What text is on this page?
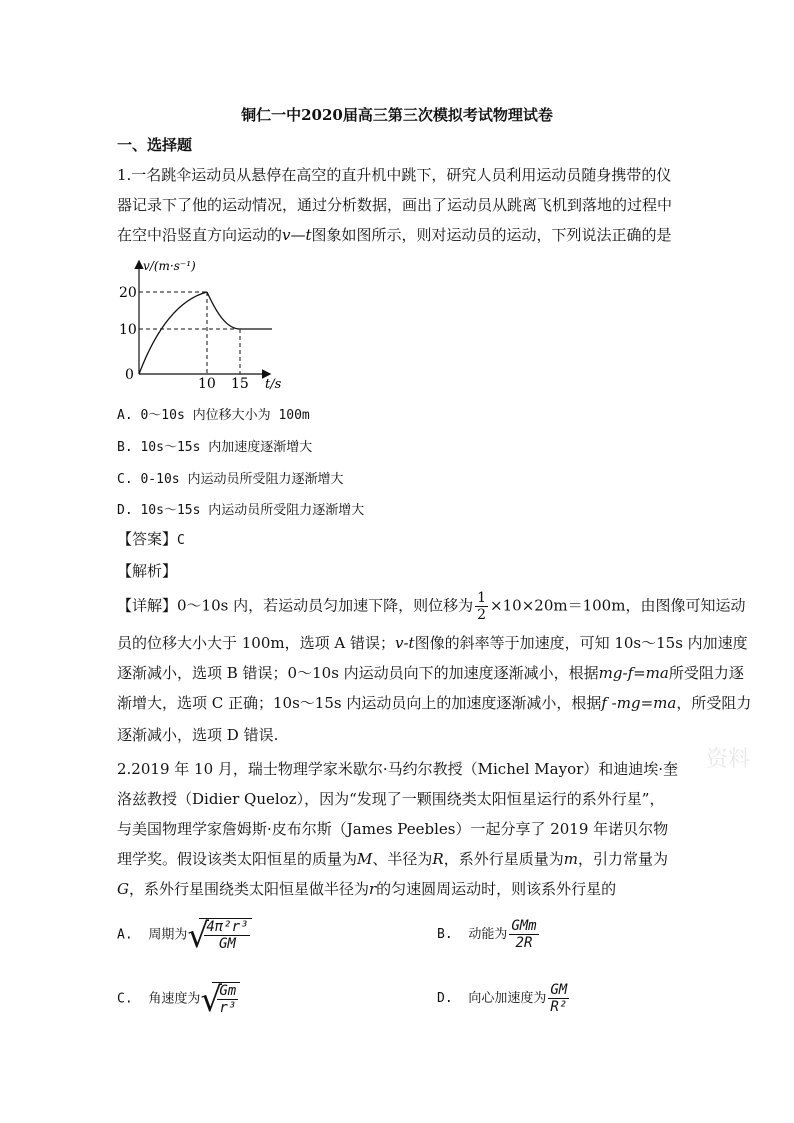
铜仁一中2020届高三第三次模拟考试物理试卷
一、选择题
1.一名跳伞运动员从悬停在高空的直升机中跳下，研究人员利用运动员随身携带的仪器记录下了他的运动情况，通过分析数据，画出了运动员从跳离飞机到落地的过程中在空中沿竖直方向运动的v—t图象如图所示，则对运动员的运动，下列说法正确的是
v/(m·s⁻¹)
20
10
0
10 15 t/s
A. 0～10s 内位移大小为 100m
B. 10s～15s 内加速度逐渐增大
C. 0-10s 内运动员所受阻力逐渐增大
D. 10s～15s 内运动员所受阻力逐渐增大
【答案】C
【解析】
【详解】0～10s 内，若运动员匀加速下降，则位移为 $\frac{1}{2} \times 10\times 20m=100m$，由图像可知运动
员的位移大小大于 100m，选项 A 错误；v-t图像的斜率等于加速度，可知 10s～15s 内加速度
逐渐减小，选项 B 错误；0～10s 内运动员向下的加速度逐渐减小，根据mg-f=ma所受阻力逐
渐增大，选项 C 正确；10s～15s 内运动员向上的加速度逐渐减小，根据f -mg=ma，所受阻力
逐渐减小，选项 D 错误.
2.2019 年 10 月，瑞士物理学家米歇尔·马约尔教授（Michel Mayor）和迪迪埃·奎洛兹教授（Didier Queloz），因为“发现了一颗围绕类太阳恒星运行的系外行星”，与美国物理学家詹姆斯·皮布尔斯（James Peebles）一起分享了 2019 年诺贝尔物理学奖。假设该类太阳恒星的质量为M、半径为R，系外行星质量为m，引力常量为G，系外行星围绕类太阳恒星做半径为r的匀速圆周运动时，则该系外行星的
资料
A. 周期为 √
$\frac{\text{4π²r³}}{GM}$	B. 动能为 $\frac{\text{GMm}}{2R}$
C. 角速度为 √
$\frac{Gm}{\text{r³}}$	D. 向心加速度为 $\frac{GM}{\text{R²}}$
